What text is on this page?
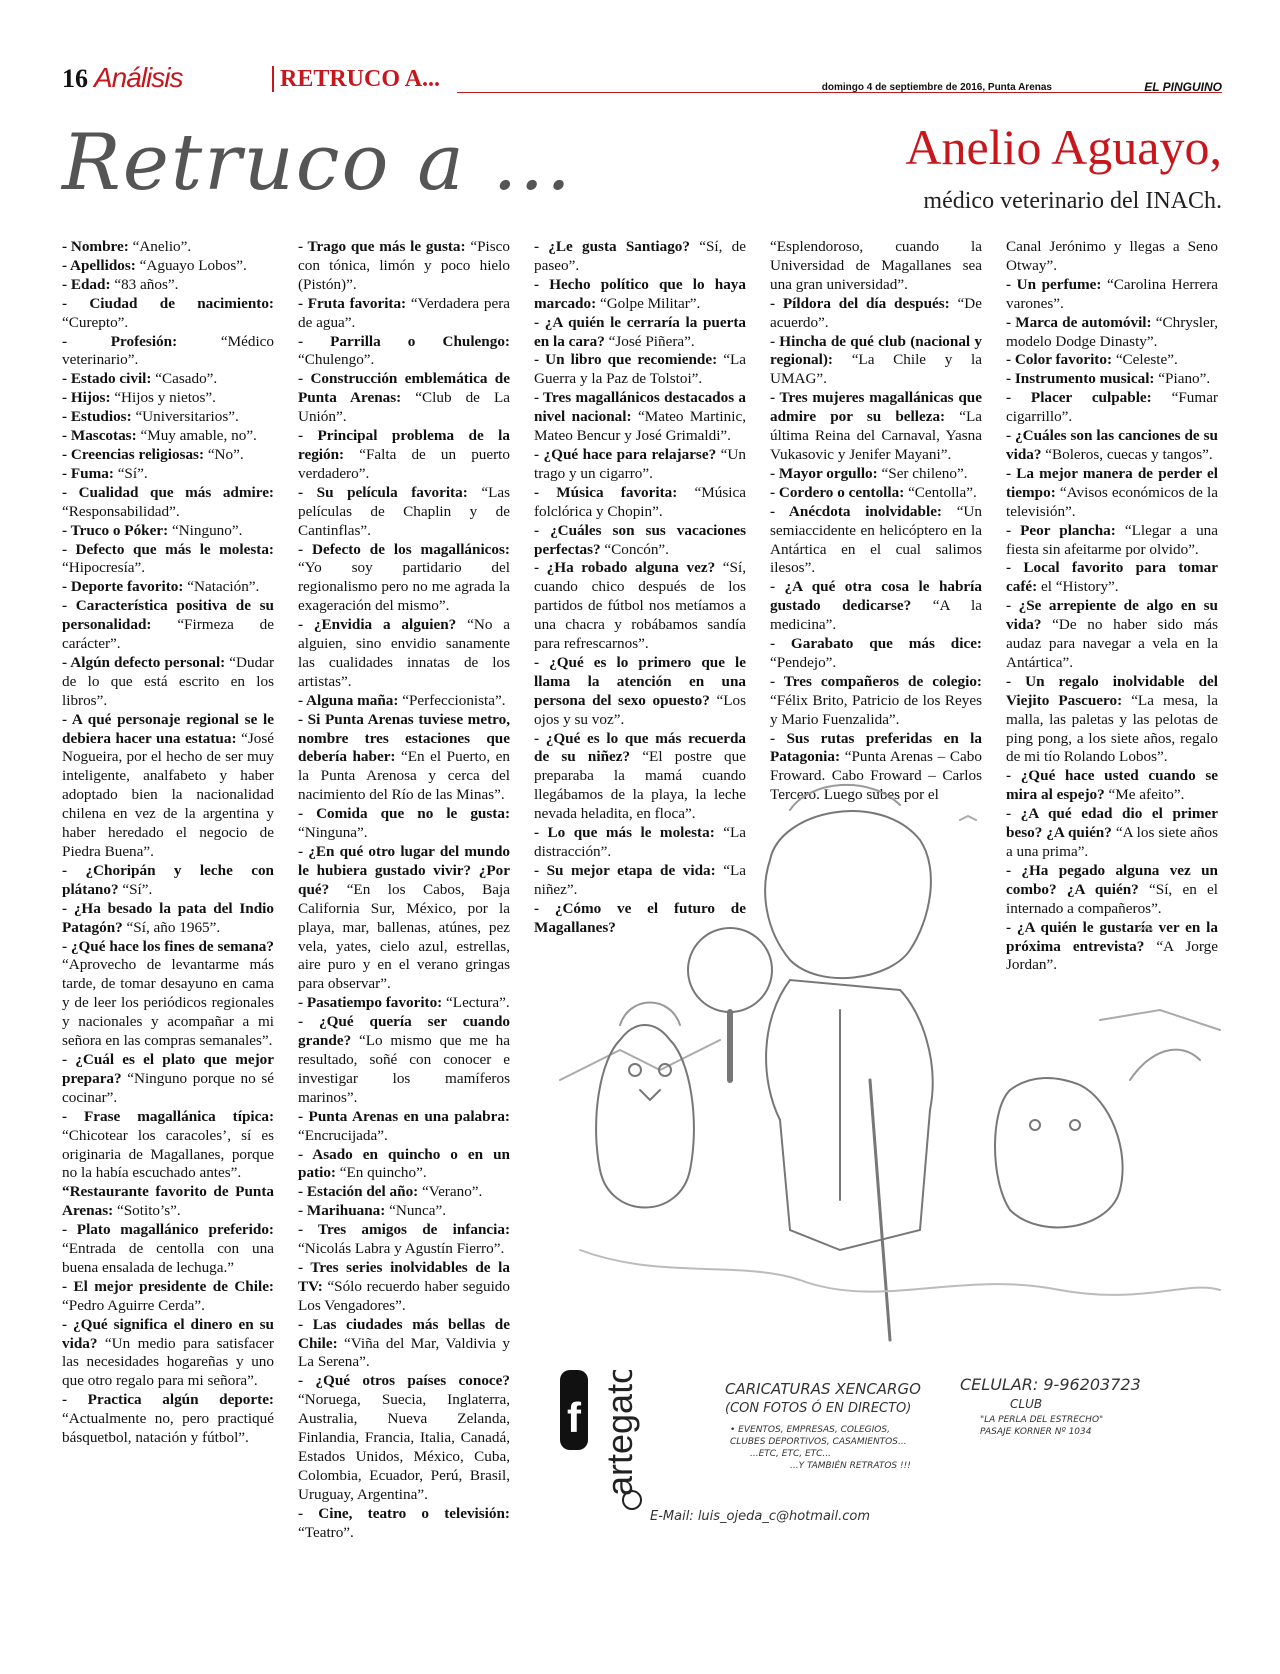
16 Análisis	RETRUCO A...	domingo 4 de septiembre de 2016, Punta Arenas	EL PINGUINO
Retruco a ...	Anelio Aguayo,
médico veterinario del INACh.

- Nombre: “Anelio”.

- Apellidos: “Aguayo Lobos”.

- Edad: “83 años”.

- Ciudad de nacimiento: “Curepto”.

- Profesión: “Médico veterinario”.

- Estado civil: “Casado”.

- Hijos: “Hijos y nietos”.

- Estudios: “Universitarios”.

- Mascotas: “Muy amable, no”.

- Creencias religiosas: “No”.

- Fuma: “Sí”.

- Cualidad que más admire: “Responsabilidad”.

- Truco o Póker: “Ninguno”.

- Defecto que más le molesta: “Hipocresía”.

- Deporte favorito: “Natación”.

- Característica positiva de su personalidad: “Firmeza de carácter”.

- Algún defecto personal: “Dudar de lo que está escrito en los libros”.

- A qué personaje regional se le debiera hacer una estatua: “José Nogueira, por el hecho de ser muy inteligente, analfabeto y haber adoptado bien la nacionalidad chilena en vez de la argentina y haber heredado el negocio de Piedra Buena”.

- ¿Choripán y leche con plátano? “Sí”.

- ¿Ha besado la pata del Indio Patagón? “Sí, año 1965”.

- ¿Qué hace los fines de semana? “Aprovecho de levantarme más tarde, de tomar desayuno en cama y de leer los periódicos regionales y nacionales y acompañar a mi señora en las compras semanales”.

- ¿Cuál es el plato que mejor prepara? “Ninguno porque no sé cocinar”.

- Frase magallánica típica: “Chicotear los caracoles’, sí es originaria de Magallanes, porque no la había escuchado antes”.

“Restaurante favorito de Punta Arenas: “Sotito’s”.

- Plato magallánico preferido: “Entrada de centolla con una buena ensalada de lechuga.”

- El mejor presidente de Chile: “Pedro Aguirre Cerda”.

- ¿Qué significa el dinero en su vida? “Un medio para satisfacer las necesidades hogareñas y uno que otro regalo para mi señora”.

- Practica algún deporte: “Actualmente no, pero practiqué básquetbol, natación y fútbol”.

- Trago que más le gusta: “Pisco con tónica, limón y poco hielo (Pistón)”.

- Fruta favorita: “Verdadera pera de agua”.

- Parrilla o Chulengo: “Chulengo”.

- Construcción emblemática de Punta Arenas: “Club de La Unión”.

- Principal problema de la región: “Falta de un puerto verdadero”.

- Su película favorita: “Las películas de Chaplin y de Cantinflas”.

- Defecto de los magallánicos: “Yo soy partidario del regionalismo pero no me agrada la exageración del mismo”.

- ¿Envidia a alguien? “No a alguien, sino envidio sanamente las cualidades innatas de los artistas”.

- Alguna maña: “Perfeccionista”.

- Si Punta Arenas tuviese metro, nombre tres estaciones que debería haber: “En el Puerto, en la Punta Arenosa y cerca del nacimiento del Río de las Minas”.

- Comida que no le gusta: “Ninguna”.

- ¿En qué otro lugar del mundo le hubiera gustado vivir? ¿Por qué? “En los Cabos, Baja California Sur, México, por la playa, mar, ballenas, atúnes, pez vela, yates, cielo azul, estrellas, aire puro y en el verano gringas para observar”.

- Pasatiempo favorito: “Lectura”.

- ¿Qué quería ser cuando grande? “Lo mismo que me ha resultado, soñé con conocer e investigar los mamíferos marinos”.

- Punta Arenas en una palabra: “Encrucijada”.

- Asado en quincho o en un patio: “En quincho”.

- Estación del año: “Verano”.

- Marihuana: “Nunca”.

- Tres amigos de infancia: “Nicolás Labra y Agustín Fierro”.

- Tres series inolvidables de la TV: “Sólo recuerdo haber seguido Los Vengadores”.

- Las ciudades más bellas de Chile: “Viña del Mar, Valdivia y La Serena”.

- ¿Qué otros países conoce? “Noruega, Suecia, Inglaterra, Australia, Nueva Zelanda, Finlandia, Francia, Italia, Canadá, Estados Unidos, México, Cuba, Colombia, Ecuador, Perú, Brasil, Uruguay, Argentina”.

- Cine, teatro o televisión: “Teatro”.

- ¿Le gusta Santiago? “Sí, de paseo”.

- Hecho político que lo haya marcado: “Golpe Militar”.

- ¿A quién le cerraría la puerta en la cara? “José Piñera”.

- Un libro que recomiende: “La Guerra y la Paz de Tolstoi”.

- Tres magallánicos destacados a nivel nacional: “Mateo Martinic, Mateo Bencur y José Grimaldi”.

- ¿Qué hace para relajarse? “Un trago y un cigarro”.

- Música favorita: “Música folclórica y Chopin”.

- ¿Cuáles son sus vacaciones perfectas? “Concón”.

- ¿Ha robado alguna vez? “Sí, cuando chico después de los partidos de fútbol nos metíamos a una chacra y robábamos sandía para refrescarnos”.

- ¿Qué es lo primero que le llama la atención en una persona del sexo opuesto? “Los ojos y su voz”.

- ¿Qué es lo que más recuerda de su niñez? “El postre que preparaba la mamá cuando llegábamos de la playa, la leche nevada heladita, en floca”.

- Lo que más le molesta: “La distracción”.

- Su mejor etapa de vida: “La niñez”.

- ¿Cómo ve el futuro de Magallanes?

“Esplendoroso, cuando la Universidad de Magallanes sea una gran universidad”.

- Píldora del día después: “De acuerdo”.

- Hincha de qué club (nacional y regional): “La Chile y la UMAG”.

- Tres mujeres magallánicas que admire por su belleza: “La última Reina del Carnaval, Yasna Vukasovic y Jenifer Mayani”.

- Mayor orgullo: “Ser chileno”.

- Cordero o centolla: “Centolla”.

- Anécdota inolvidable: “Un semiaccidente en helicóptero en la Antártica en el cual salimos ilesos”.

- ¿A qué otra cosa le habría gustado dedicarse? “A la medicina”.

- Garabato que más dice: “Pendejo”.

- Tres compañeros de colegio: “Félix Brito, Patricio de los Reyes y Mario Fuenzalida”.

- Sus rutas preferidas en la Patagonia: “Punta Arenas – Cabo Froward. Cabo Froward – Carlos Tercero. Luego subes por el

Canal Jerónimo y llegas a Seno Otway”.

- Un perfume: “Carolina Herrera varones”.

- Marca de automóvil: “Chrysler, modelo Dodge Dinasty”.

- Color favorito: “Celeste”.

- Instrumento musical: “Piano”.

- Placer culpable: “Fumar cigarrillo”.

- ¿Cuáles son las canciones de su vida? “Boleros, cuecas y tangos”.

- La mejor manera de perder el tiempo: “Avisos económicos de la televisión”.

- Peor plancha: “Llegar a una fiesta sin afeitarme por olvido”.

- Local favorito para tomar café: el “History”.

- ¿Se arrepiente de algo en su vida? “De no haber sido más audaz para navegar a vela en la Antártica”.

- Un regalo inolvidable del Viejito Pascuero: “La mesa, la malla, las paletas y las pelotas de ping pong, a los siete años, regalo de mi tío Rolando Lobos”.

- ¿Qué hace usted cuando se mira al espejo? “Me afeito”.

- ¿A qué edad dio el primer beso? ¿A quién? “A los siete años a una prima”.

- ¿Ha pegado alguna vez un combo? ¿A quién? “Sí, en el internado a compañeros”.

- ¿A quién le gustaría ver en la próxima entrevista? “A Jorge Jordan”.

f artegatoloco	CARICATURAS XENCARGO
(CON FOTOS Ó EN DIRECTO)
• EVENTOS, EMPRESAS, COLEGIOS,
CLUBES DEPORTIVOS, CASAMIENTOS...
...ETC, ETC, ETC...
...Y TAMBIÉN RETRATOS !!!
CELULAR: 9-96203723
CLUB
"LA PERLA DEL ESTRECHO"
PASAJE KORNER Nº 1034
E-Mail: luis_ojeda_c@hotmail.com
